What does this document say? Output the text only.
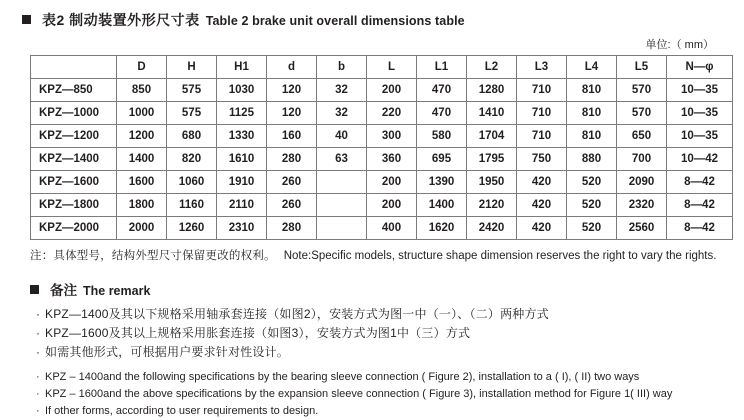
表2 制动装置外形尺寸表 Table 2 brake unit overall dimensions table
单位:（ mm）
	D	H	H1	d	b	L	L1	L2	L3	L4	L5	N—φ
KPZ—850	850	575	1030	120	32	200	470	1280	710	810	570	10—35
KPZ—1000	1000	575	1125	120	32	220	470	1410	710	810	570	10—35
KPZ—1200	1200	680	1330	160	40	300	580	1704	710	810	650	10—35
KPZ—1400	1400	820	1610	280	63	360	695	1795	750	880	700	10—42
KPZ—1600	1600	1060	1910	260		200	1390	1950	420	520	2090	8—42
KPZ—1800	1800	1160	2110	260		200	1400	2120	420	520	2320	8—42
KPZ—2000	2000	1260	2310	280		400	1620	2420	420	520	2560	8—42
注：具体型号，结构外型尺寸保留更改的权利。 Note:Specific models, structure shape dimension reserves the right to vary the rights.
备注 The remark
· KPZ—1400及其以下规格采用轴承套连接（如图2），安装方式为图一中（一）、（二）两种方式
· KPZ—1600及其以上规格采用胀套连接（如图3），安装方式为图1中（三）方式
· 如需其他形式，可根据用户要求针对性设计。
· KPZ – 1400and the following specifications by the bearing sleeve connection ( Figure 2), installation to a ( I), ( II) two ways
· KPZ – 1600and the above specifications by the expansion sleeve connection ( Figure 3), installation method for Figure 1( III) way
· If other forms, according to user requirements to design.
